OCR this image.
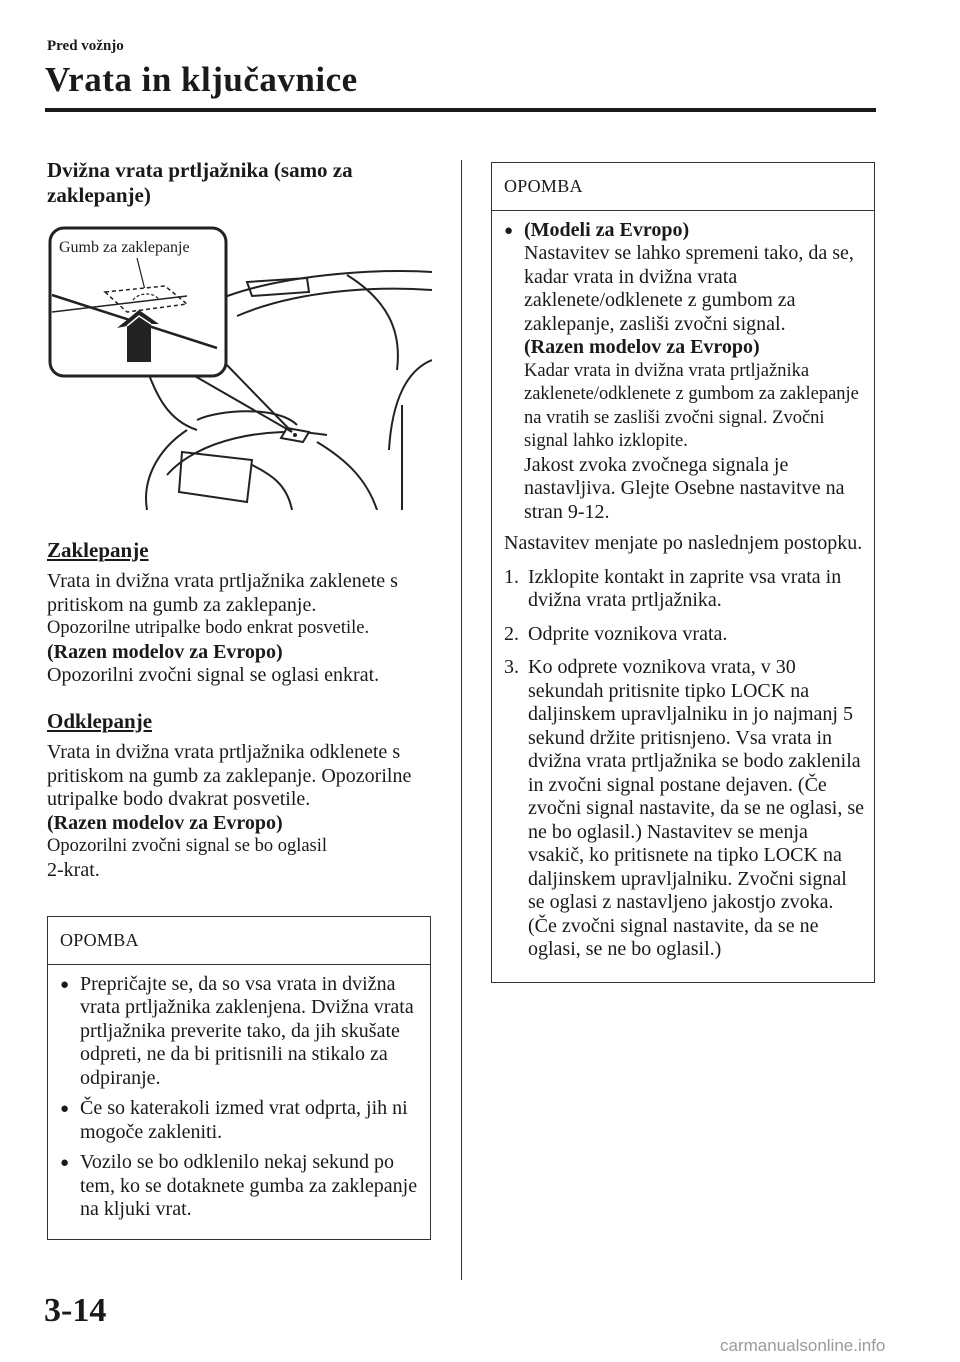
Pred vožnjo
Vrata in ključavnice

Dvižna vrata prtljažnika (samo za zaklepanje)

Gumb za zaklepanje
Zaklepanje

Vrata in dvižna vrata prtljažnika zaklenete s pritiskom na gumb za zaklepanje.

Opozorilne utripalke bodo enkrat posvetile.

(Razen modelov za Evropo)

Opozorilni zvočni signal se oglasi enkrat.

Odklepanje

Vrata in dvižna vrata prtljažnika odklenete s pritiskom na gumb za zaklepanje. Opozorilne utripalke bodo dvakrat posvetile.

(Razen modelov za Evropo)

Opozorilni zvočni signal se bo oglasil

2-krat.

OPOMBA
● Prepričajte se, da so vsa vrata in dvižna vrata prtljažnika zaklenjena. Dvižna vrata prtljažnika preverite tako, da jih skušate odpreti, ne da bi pritisnili na stikalo za odpiranje.
● Če so katerakoli izmed vrat odprta, jih ni mogoče zakleniti.
● Vozilo se bo odklenilo nekaj sekund po tem, ko se dotaknete gumba za zaklepanje na kljuki vrat.
OPOMBA
● (Modeli za Evropo)
Nastavitev se lahko spremeni tako, da se, kadar vrata in dvižna vrata zaklenete/odklenete z gumbom za zaklepanje, zasliši zvočni signal.
(Razen modelov za Evropo)
Kadar vrata in dvižna vrata prtljažnika zaklenete/odklenete z gumbom za zaklepanje na vratih se zasliši zvočni signal. Zvočni signal lahko izklopite.
Jakost zvoka zvočnega signala je nastavljiva. Glejte Osebne nastavitve na stran 9-12.

Nastavitev menjate po naslednjem postopku.

1. Izklopite kontakt in zaprite vsa vrata in dvižna vrata prtljažnika.
2. Odprite voznikova vrata.
3. Ko odprete voznikova vrata, v 30 sekundah pritisnite tipko LOCK na daljinskem upravljalniku in jo najmanj 5 sekund držite pritisnjeno. Vsa vrata in dvižna vrata prtljažnika se bodo zaklenila in zvočni signal postane dejaven. (Če zvočni signal nastavite, da se ne oglasi, se ne bo oglasil.) Nastavitev se menja vsakič, ko pritisnete na tipko LOCK na daljinskem upravljalniku. Zvočni signal se oglasi z nastavljeno jakostjo zvoka. (Če zvočni signal nastavite, da se ne oglasi, se ne bo oglasil.)
3-14
carmanualsonline.info
